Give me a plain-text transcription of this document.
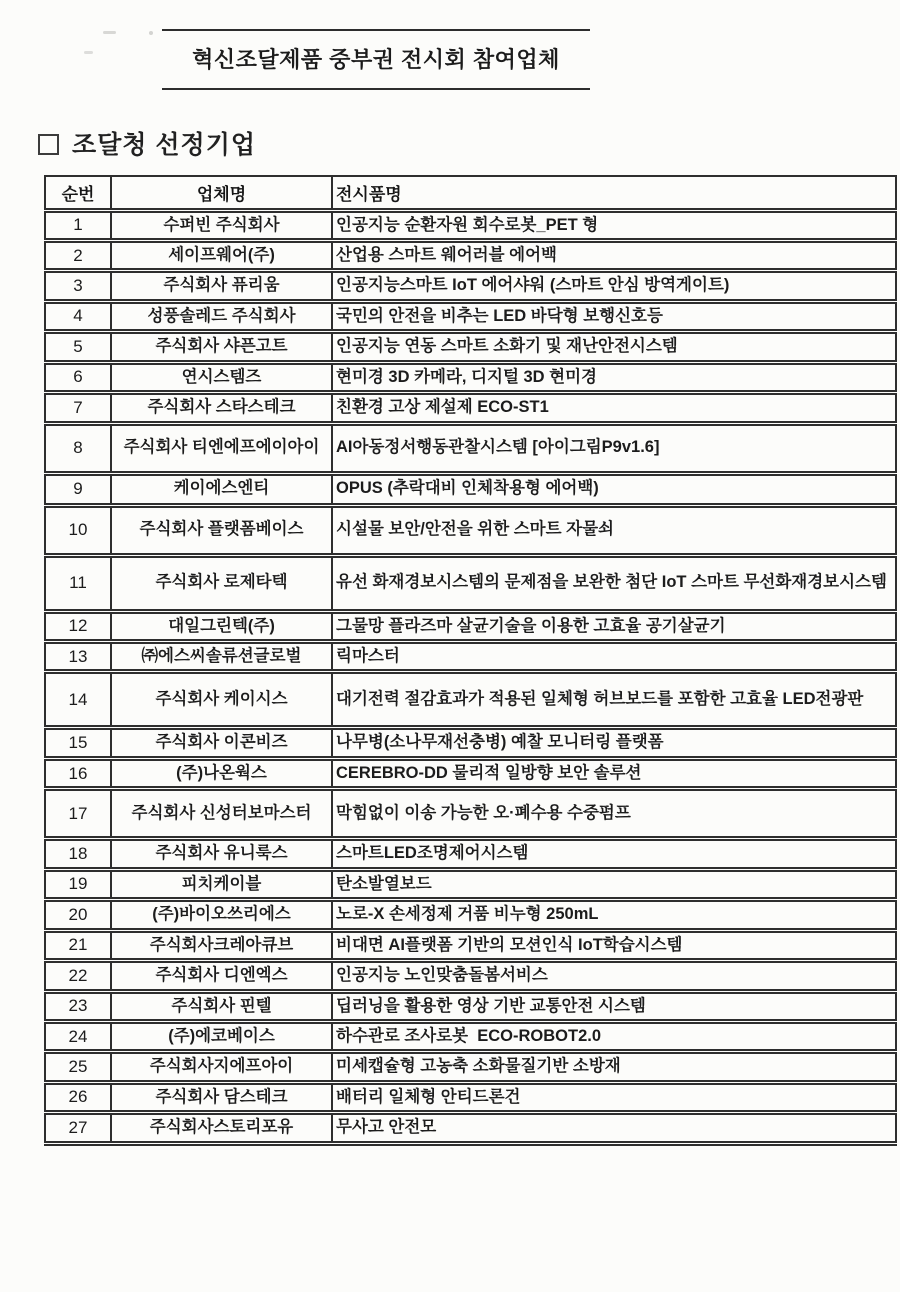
혁신조달제품 중부권 전시회 참여업체
조달청 선정기업
순번	업체명	전시품명
1	수퍼빈 주식회사	인공지능 순환자원 회수로봇_PET 형
2	세이프웨어(주)	산업용 스마트 웨어러블 에어백
3	주식회사 퓨리움	인공지능스마트 IoT 에어샤워 (스마트 안심 방역게이트)
4	성풍솔레드 주식회사	국민의 안전을 비추는 LED 바닥형 보행신호등
5	주식회사 샤픈고트	인공지능 연동 스마트 소화기 및 재난안전시스템
6	연시스템즈	현미경 3D 카메라, 디지털 3D 현미경
7	주식회사 스타스테크	친환경 고상 제설제 ECO-ST1
8	주식회사 티엔에프에이아이	AI아동정서행동관찰시스템 [아이그림P9v1.6]
9	케이에스엔티	OPUS (추락대비 인체착용형 에어백)
10	주식회사 플랫폼베이스	시설물 보안/안전을 위한 스마트 자물쇠
11	주식회사 로제타텍	유선 화재경보시스템의 문제점을 보완한 첨단 IoT 스마트 무선화재경보시스템
12	대일그린텍(주)	그물망 플라즈마 살균기술을 이용한 고효율 공기살균기
13	㈜에스씨솔류션글로벌	릭마스터
14	주식회사 케이시스	대기전력 절감효과가 적용된 일체형 허브보드를 포함한 고효율 LED전광판
15	주식회사 이콘비즈	나무병(소나무재선충병) 예찰 모니터링 플랫폼
16	(주)나온웍스	CEREBRO-DD 물리적 일방향 보안 솔루션
17	주식회사 신성터보마스터	막힘없이 이송 가능한 오·폐수용 수중펌프
18	주식회사 유니룩스	스마트LED조명제어시스템
19	피치케이블	탄소발열보드
20	(주)바이오쓰리에스	노로-X 손세정제 거품 비누형 250mL
21	주식회사크레아큐브	비대면 AI플랫폼 기반의 모션인식 IoT학습시스템
22	주식회사 디엔엑스	인공지능 노인맞춤돌봄서비스
23	주식회사 핀텔	딥러닝을 활용한 영상 기반 교통안전 시스템
24	(주)에코베이스	하수관로 조사로봇  ECO-ROBOT2.0
25	주식회사지에프아이	미세캡슐형 고농축 소화물질기반 소방재
26	주식회사 담스테크	배터리 일체형 안티드론건
27	주식회사스토리포유	무사고 안전모
